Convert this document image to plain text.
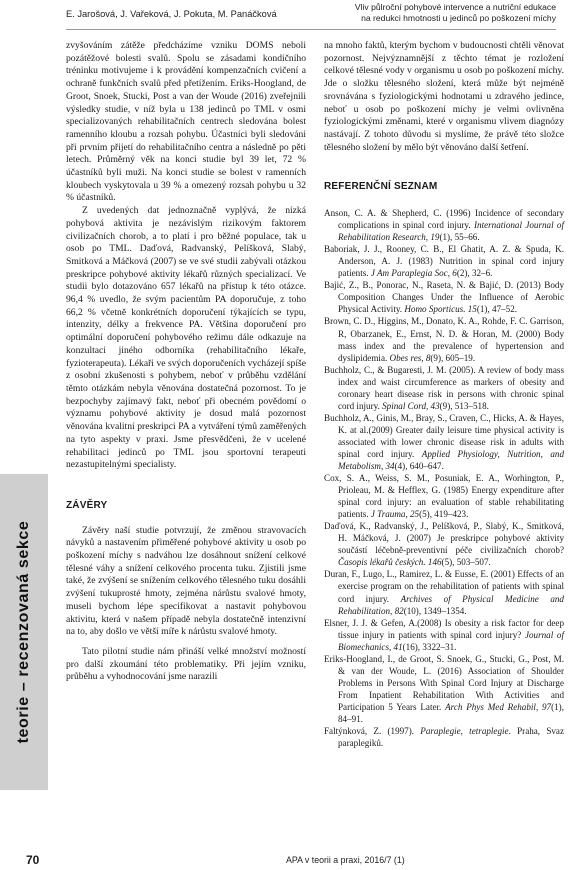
E. Jarošová, J. Vařeková, J. Pokuta, M. Panáčková
Vliv půlroční pohybové intervence a nutriční edukace
na redukci hmotnosti u jedinců po poškození míchy
teorie – recenzovaná sekce

zvyšováním zátěže předcházíme vzniku DOMS neboli pozátěžové bolesti svalů. Spolu se zásadami kondičního tréninku motivujeme i k provádění kompenzačních cvičení a ochraně funkčních svalů před přetížením. Eriks-Hoogland, de Groot, Snoek, Stucki, Post a van der Woude (2016) zveřejnili výsledky studie, v níž byla u 138 jedinců po TML v osmi specializovaných rehabilitačních centrech sledována bolest ramenního kloubu a rozsah pohybu. Účastníci byli sledováni při prvním přijetí do rehabilitačního centra a následně po pěti letech. Průměrný věk na konci studie byl 39 let, 72 % účastníků byli muži. Na konci studie se bolest v ramenních kloubech vyskytovala u 39 % a omezený rozsah pohybu u 32 % účastníků.

Z uvedených dat jednoznačně vyplývá, že nízká pohybová aktivita je nezávislým rizikovým faktorem civilizačních chorob, a to platí i pro běžné populace, tak u osob po TML. Daďová, Radvanský, Pelíšková, Slabý, Smitková a Máčková (2007) se ve své studii zabývali otázkou preskripce pohybové aktivity lékařů různých specializací. Ve studii bylo dotazováno 657 lékařů na přístup k této otázce. 96,4 % uvedlo, že svým pacientům PA doporučuje, z toho 66,2 % včetně konkrétních doporučení týkajících se typu, intenzity, délky a frekvence PA. Většina doporučení pro optimální doporučení pohybového režimu dále odkazuje na konzultaci jiného odborníka (rehabilitačního lékaře, fyzioterapeuta). Lékaři ve svých doporučeních vycházejí spíše z osobní zkušenosti s pohybem, neboť v průběhu vzdělání těmto otázkám nebyla věnována dostatečná pozornost. To je bezpochyby zajímavý fakt, neboť při obecném povědomí o významu pohybové aktivity je dosud malá pozornost věnována kvalitní preskripci PA a vytváření týmů zaměřených na tyto aspekty v praxi. Jsme přesvědčeni, že v ucelené rehabilitaci jedinců po TML jsou sportovní terapeuti nezastupitelnými specialisty.

ZÁVĚRY

Závěry naší studie potvrzují, že změnou stravovacích návyků a nastavením přiměřené pohybové aktivity u osob po poškození míchy s nadváhou lze dosáhnout snížení celkové tělesné váhy a snížení celkového procenta tuku. Zjistili jsme také, že zvýšení se snížením celkového tělesného tuku dosáhli zvýšení tukuprosté hmoty, zejména nárůstu svalové hmoty, museli bychom lépe specifikovat a nastavit pohybovou aktivitu, která v našem případě nebyla dostatečně intenzivní na to, aby došlo ve větší míře k nárůstu svalové hmoty.

Tato pilotní studie nám přináší velké množství možností pro další zkoumání této problematiky. Při jejím vzniku, průběhu a vyhodnocování jsme narazili

na mnoho faktů, kterým bychom v budoucnosti chtěli věnovat pozornost. Nejvýznamnější z těchto témat je rozložení celkové tělesné vody v organismu u osob po poškození míchy. Jde o složku tělesného složení, která může být nejméně srovnávána s fyziologickými hodnotami u zdravého jedince, neboť u osob po poškození míchy je velmi ovlivněna fyziologickými změnami, které v organismu vlivem diagnózy nastávají. Z tohoto důvodu si myslíme, že právě této složce tělesného složení by mělo být věnováno další šetření.

REFERENČNÍ SEZNAM

Anson, C. A. & Shepherd, C. (1996) Incidence of secondary complications in spinal cord injury. International Journal of Rehabilitation Research, 19(1), 55–66.

Baboriak, J. J., Rooney, C. B., El Ghatit, A. Z. & Spuda, K. Anderson, A. J. (1983) Nutrition in spinal cord injury patients. J Am Paraplegia Soc, 6(2), 32–6.

Bajić, Z., B., Ponorac, N., Raseta, N. & Bajić, D. (2013) Body Composition Changes Under the Influence of Aerobic Physical Activity. Homo Sporticus. 15(1), 47–52.

Brown, C. D., Higgins, M., Donato, K. A., Rohde, F. C. Garrison, R, Obarzanek, E., Ernst, N. D. & Horan, M. (2000) Body mass index and the prevalence of hypertension and dyslipidemia. Obes res, 8(9), 605–19.

Buchholz, C., & Bugaresti, J. M. (2005). A review of body mass index and waist circumference as markers of obesity and coronary heart disease risk in persons with chronic spinal cord injury. Spinal Cord, 43(9), 513–518.

Buchholz, A., Ginis, M., Bray, S., Craven, C., Hicks, A. & Hayes, K. at al.(2009) Greater daily leisure time physical activity is associated with lower chronic disease risk in adults with spinal cord injury. Applied Physiology, Nutrition, and Metabolism, 34(4), 640–647.

Cox, S. A., Weiss, S. M., Posuniak, E. A., Worhington, P., Prioleau, M. & Hefflex, G. (1985) Energy expenditure after spinal cord injury: an evaluation of stable rehabilitating patients. J Trauma, 25(5), 419–423.

Daďová, K., Radvanský, J., Pelíšková, P., Slabý, K., Smitková, H. Máčková, J. (2007) Je preskripce pohybové aktivity součástí léčebně-preventivní péče civilizačních chorob? Časopis lékařů českých. 146(5), 503–507.

Duran, F., Lugo, L., Ramirez, L. & Eusse, E. (2001) Effects of an exercise program on the rehabilitation of patients with spinal cord injury. Archives of Physical Medicine and Rehabilitation, 82(10), 1349–1354.

Elsner, J. J. & Gefen, A.(2008) Is obesity a risk factor for deep tissue injury in patients with spinal cord injury? Journal of Biomechanics, 41(16), 3322–31.

Eriks-Hoogland, I., de Groot, S. Snoek, G., Stucki, G., Post, M. & van der Woude, L. (2016) Association of Shoulder Problems in Persons With Spinal Cord Injury at Discharge From Inpatient Rehabilitation With Activities and Participation 5 Years Later. Arch Phys Med Rehabil, 97(1), 84–91.

Faltýnková, Z. (1997). Paraplegie, tetraplegie. Praha, Svaz paraplegiků.

70	APA v teorii a praxi, 2016/7 (1)
